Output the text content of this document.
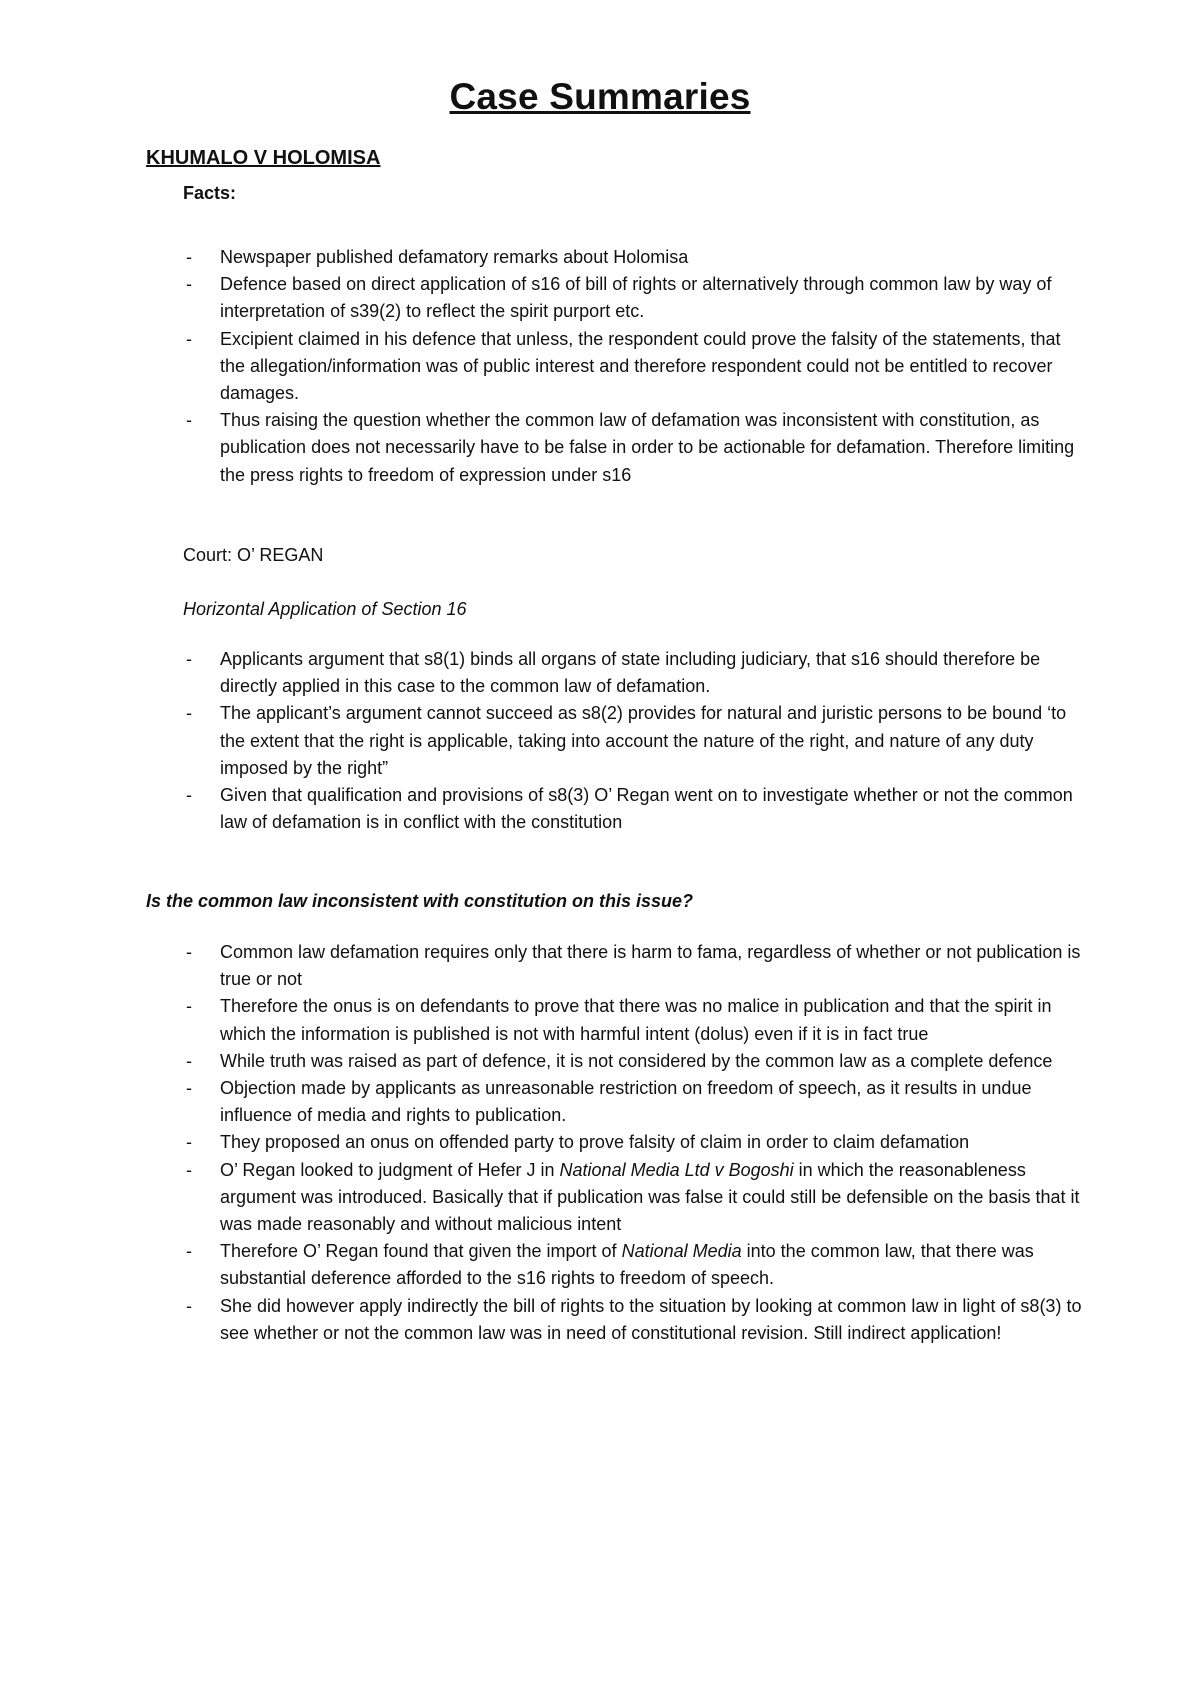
Case Summaries
KHUMALO V HOLOMISA
Facts:
- Newspaper published defamatory remarks about Holomisa
- Defence based on direct application of s16 of bill of rights or alternatively through common law by way of interpretation of s39(2) to reflect the spirit purport etc.
- Excipient claimed in his defence that unless, the respondent could prove the falsity of the statements, that the allegation/information was of public interest and therefore respondent could not be entitled to recover damages.
- Thus raising the question whether the common law of defamation was inconsistent with constitution, as publication does not necessarily have to be false in order to be actionable for defamation. Therefore limiting the press rights to freedom of expression under s16
Court: O’ REGAN
Horizontal Application of Section 16
- Applicants argument that s8(1) binds all organs of state including judiciary, that s16 should therefore be directly applied in this case to the common law of defamation.
- The applicant’s argument cannot succeed as s8(2) provides for natural and juristic persons to be bound ‘to the extent that the right is applicable, taking into account the nature of the right, and nature of any duty imposed by the right”
- Given that qualification and provisions of s8(3) O’ Regan went on to investigate whether or not the common law of defamation is in conflict with the constitution
Is the common law inconsistent with constitution on this issue?
- Common law defamation requires only that there is harm to fama, regardless of whether or not publication is true or not
- Therefore the onus is on defendants to prove that there was no malice in publication and that the spirit in which the information is published is not with harmful intent (dolus) even if it is in fact true
- While truth was raised as part of defence, it is not considered by the common law as a complete defence
- Objection made by applicants as unreasonable restriction on freedom of speech, as it results in undue influence of media and rights to publication.
- They proposed an onus on offended party to prove falsity of claim in order to claim defamation
- O’ Regan looked to judgment of Hefer J in National Media Ltd v Bogoshi in which the reasonableness argument was introduced. Basically that if publication was false it could still be defensible on the basis that it was made reasonably and without malicious intent
- Therefore O’ Regan found that given the import of National Media into the common law, that there was substantial deference afforded to the s16 rights to freedom of speech.
- She did however apply indirectly the bill of rights to the situation by looking at common law in light of s8(3) to see whether or not the common law was in need of constitutional revision. Still indirect application!
